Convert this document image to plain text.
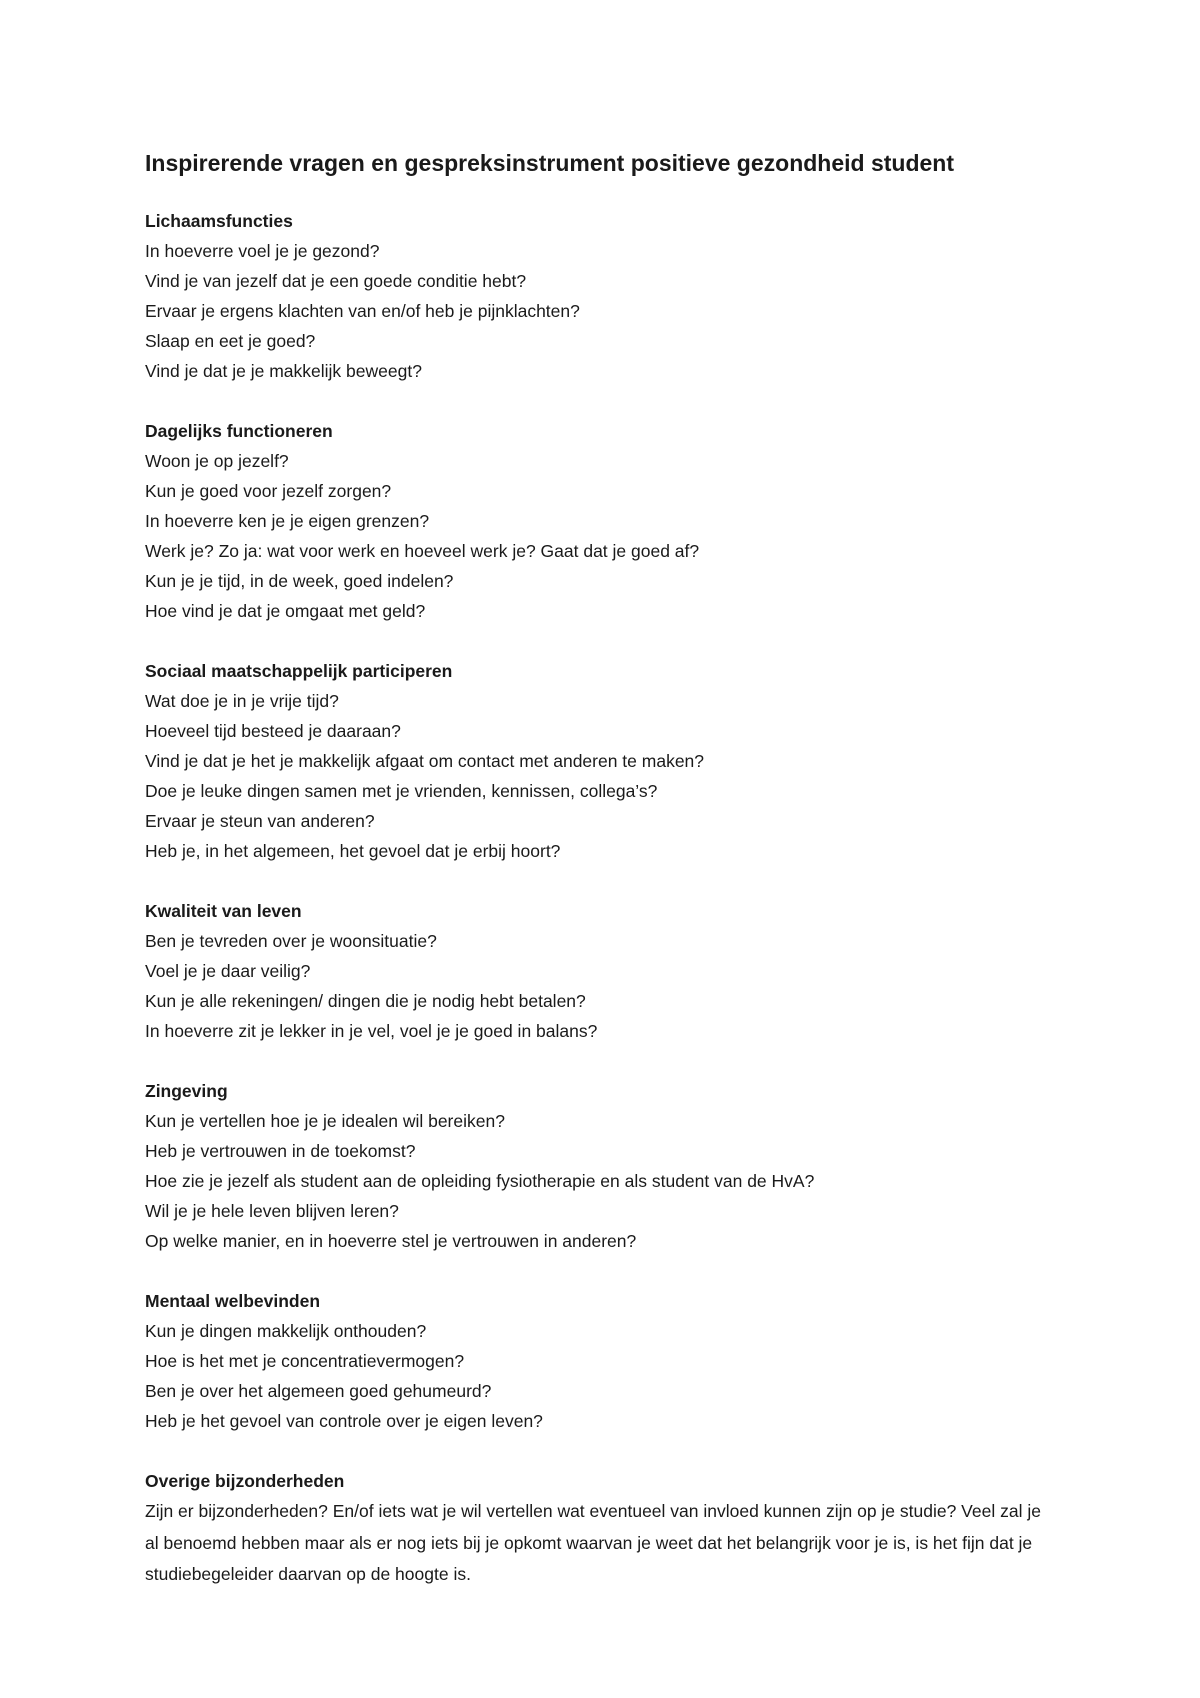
Inspirerende vragen en gespreksinstrument positieve gezondheid student

Lichaamsfuncties

In hoeverre voel je je gezond?

Vind je van jezelf dat je een goede conditie hebt?

Ervaar je ergens klachten van en/of heb je pijnklachten?

Slaap en eet je goed?

Vind je dat je je makkelijk beweegt?

Dagelijks functioneren

Woon je op jezelf?

Kun je goed voor jezelf zorgen?

In hoeverre ken je je eigen grenzen?

Werk je? Zo ja: wat voor werk en hoeveel werk je? Gaat dat je goed af?

Kun je je tijd, in de week, goed indelen?

Hoe vind je dat je omgaat met geld?

Sociaal maatschappelijk participeren

Wat doe je in je vrije tijd?

Hoeveel tijd besteed je daaraan?

Vind je dat je het je makkelijk afgaat om contact met anderen te maken?

Doe je leuke dingen samen met je vrienden, kennissen, collega’s?

Ervaar je steun van anderen?

Heb je, in het algemeen, het gevoel dat je erbij hoort?

Kwaliteit van leven

Ben je tevreden over je woonsituatie?

Voel je je daar veilig?

Kun je alle rekeningen/ dingen die je nodig hebt betalen?

In hoeverre zit je lekker in je vel, voel je je goed in balans?

Zingeving

Kun je vertellen hoe je je idealen wil bereiken?

Heb je vertrouwen in de toekomst?

Hoe zie je jezelf als student aan de opleiding fysiotherapie en als student van de HvA?

Wil je je hele leven blijven leren?

Op welke manier, en in hoeverre stel je vertrouwen in anderen?

Mentaal welbevinden

Kun je dingen makkelijk onthouden?

Hoe is het met je concentratievermogen?

Ben je over het algemeen goed gehumeurd?

Heb je het gevoel van controle over je eigen leven?

Overige bijzonderheden

Zijn er bijzonderheden? En/of iets wat je wil vertellen wat eventueel van invloed kunnen zijn op je studie? Veel zal je al benoemd hebben maar als er nog iets bij je opkomt waarvan je weet dat het belangrijk voor je is, is het fijn dat je studiebegeleider daarvan op de hoogte is.
